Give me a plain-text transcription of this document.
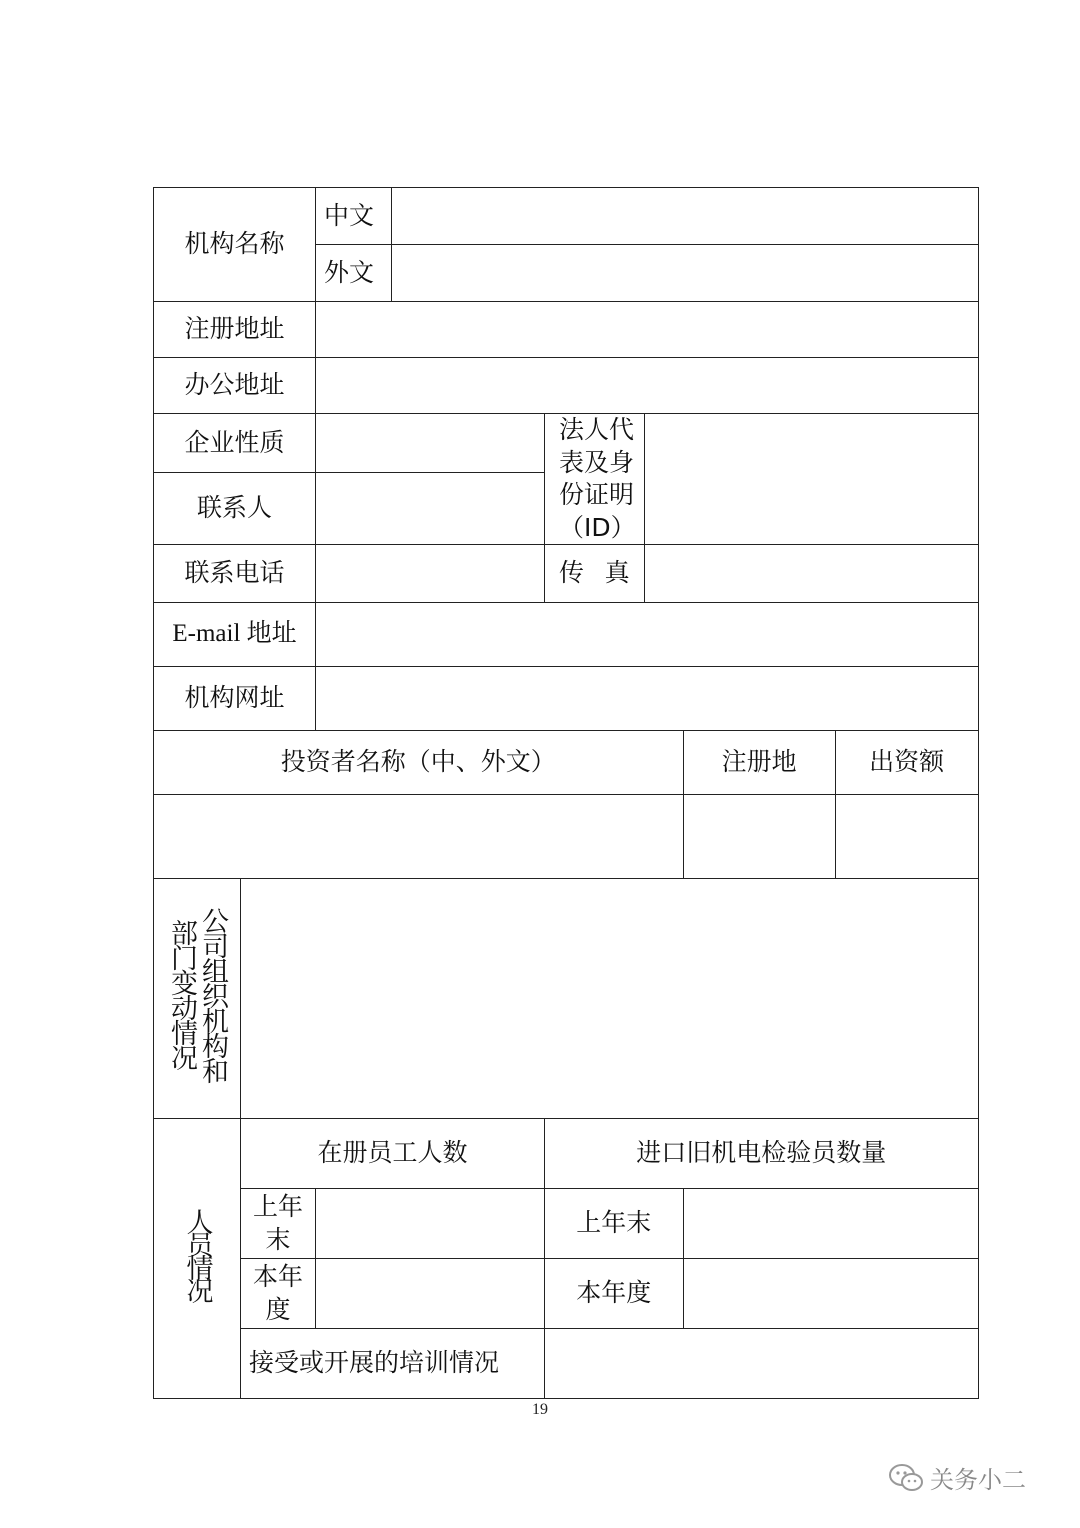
机构名称		中文					
		外文					
注册地址							
办公地址							
企业性质				法人代表及身份证明（ID）			
联系人							
联系电话				传 真			

E-mail 地址							
机构网址							
投资者名称（中、外文）						注册地	出资额

公司组织机构和部门变动情况							
人员情况	在册员工人数			进口旧机电检验员数量			
	上年末			上年末			
	本年度			本年度			
	接受或开展的培训情况						
19
关务小二
